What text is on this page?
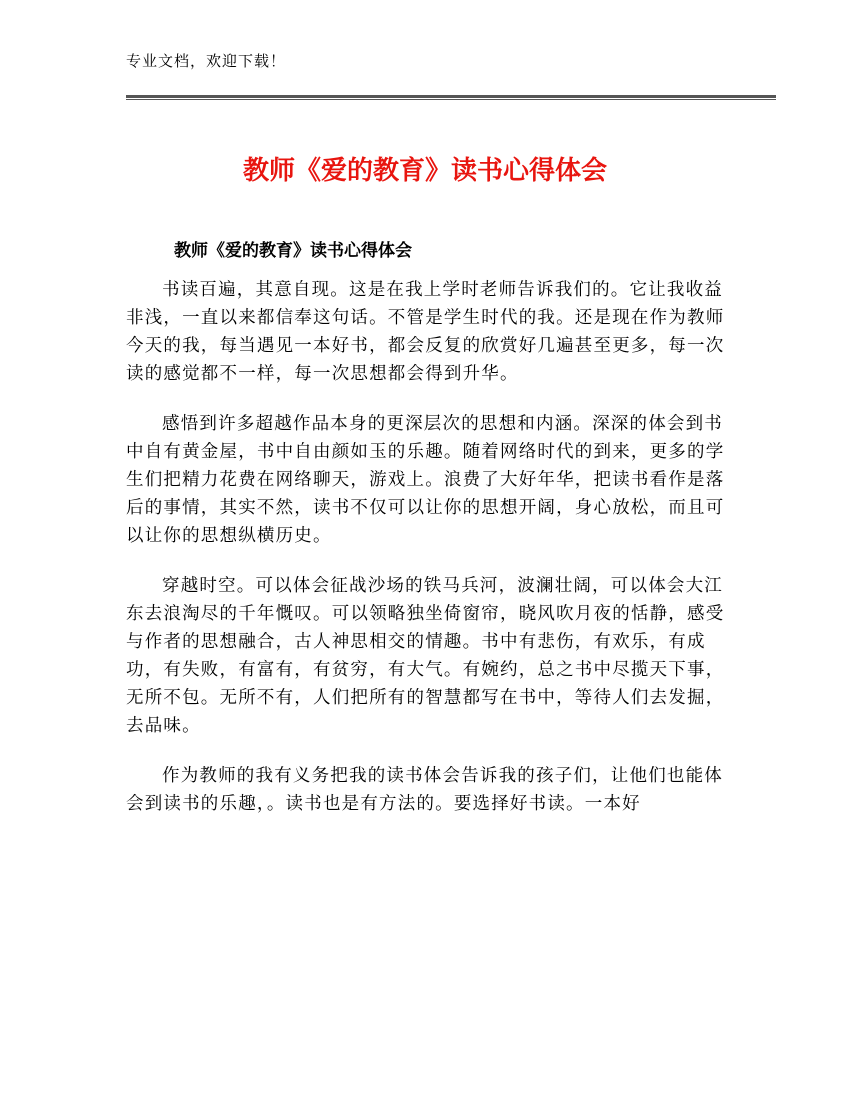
专业文档，欢迎下载！
教师《爱的教育》读书心得体会
教师《爱的教育》读书心得体会

书读百遍，其意自现。这是在我上学时老师告诉我们的。它让我收益非浅，一直以来都信奉这句话。不管是学生时代的我。还是现在作为教师今天的我，每当遇见一本好书，都会反复的欣赏好几遍甚至更多，每一次读的感觉都不一样，每一次思想都会得到升华。

感悟到许多超越作品本身的更深层次的思想和内涵。深深的体会到书中自有黄金屋，书中自由颜如玉的乐趣。随着网络时代的到来，更多的学生们把精力花费在网络聊天，游戏上。浪费了大好年华，把读书看作是落后的事情，其实不然，读书不仅可以让你的思想开阔，身心放松，而且可以让你的思想纵横历史。

穿越时空。可以体会征战沙场的铁马兵河，波澜壮阔，可以体会大江东去浪淘尽的千年慨叹。可以领略独坐倚窗帘，晓风吹月夜的恬静，感受与作者的思想融合，古人神思相交的情趣。书中有悲伤，有欢乐，有成功，有失败，有富有，有贫穷，有大气。有婉约，总之书中尽揽天下事，无所不包。无所不有，人们把所有的智慧都写在书中，等待人们去发掘，去品味。

作为教师的我有义务把我的读书体会告诉我的孩子们，让他们也能体会到读书的乐趣，。读书也是有方法的。要选择好书读。一本好
